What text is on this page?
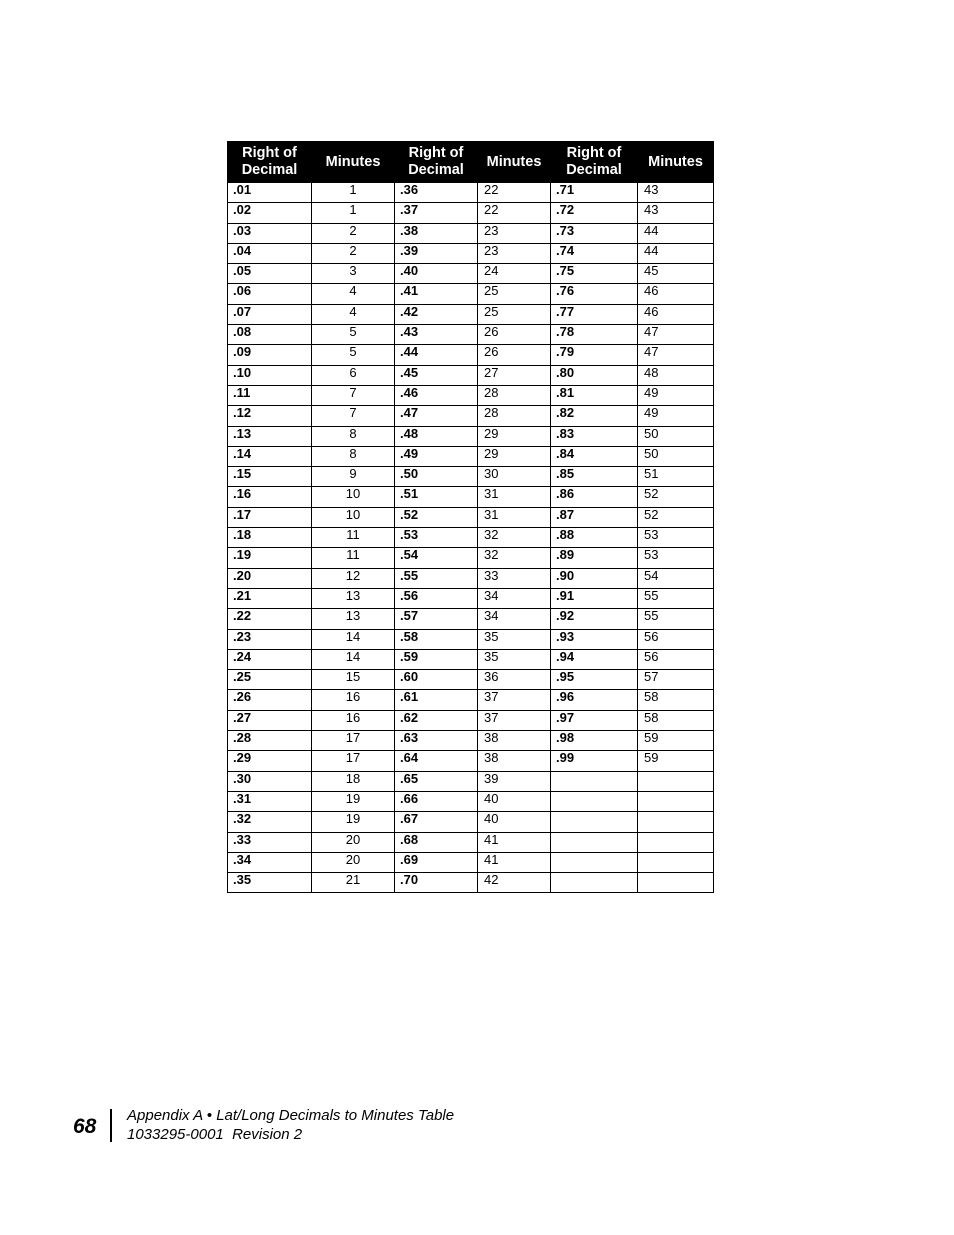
Right of Decimal	Minutes	Right of Decimal	Minutes	Right of Decimal	Minutes
.01	1	.36	22	.71	43
.02	1	.37	22	.72	43
.03	2	.38	23	.73	44
.04	2	.39	23	.74	44
.05	3	.40	24	.75	45
.06	4	.41	25	.76	46
.07	4	.42	25	.77	46
.08	5	.43	26	.78	47
.09	5	.44	26	.79	47
.10	6	.45	27	.80	48
.11	7	.46	28	.81	49
.12	7	.47	28	.82	49
.13	8	.48	29	.83	50
.14	8	.49	29	.84	50
.15	9	.50	30	.85	51
.16	10	.51	31	.86	52
.17	10	.52	31	.87	52
.18	11	.53	32	.88	53
.19	11	.54	32	.89	53
.20	12	.55	33	.90	54
.21	13	.56	34	.91	55
.22	13	.57	34	.92	55
.23	14	.58	35	.93	56
.24	14	.59	35	.94	56
.25	15	.60	36	.95	57
.26	16	.61	37	.96	58
.27	16	.62	37	.97	58
.28	17	.63	38	.98	59
.29	17	.64	38	.99	59
.30	18	.65	39		
.31	19	.66	40		
.32	19	.67	40		
.33	20	.68	41		
.34	20	.69	41		
.35	21	.70	42		
68 Appendix A • Lat/Long Decimals to Minutes Table
1033295-0001  Revision 2
